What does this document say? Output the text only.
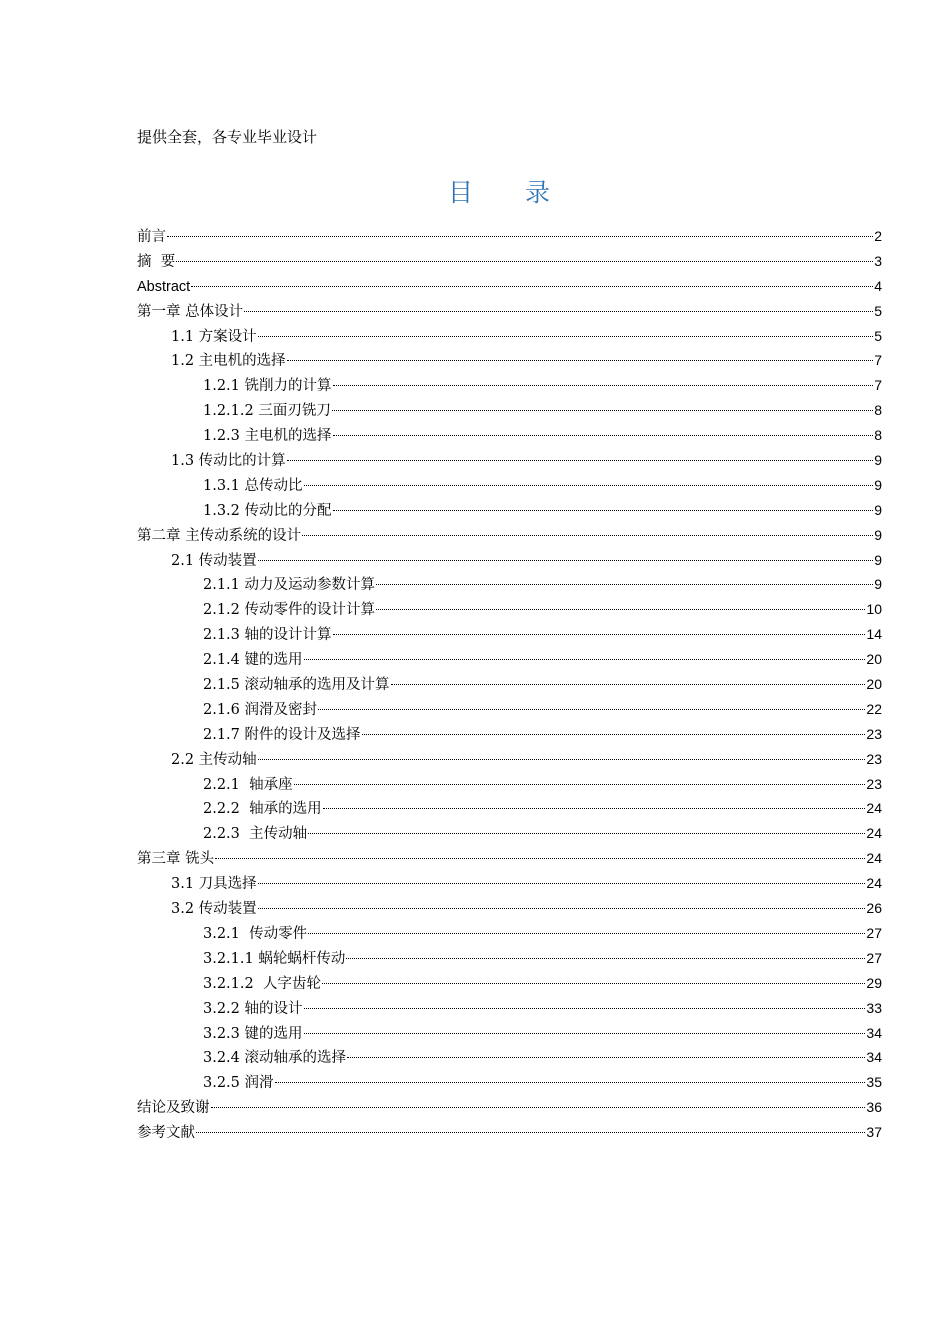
提供全套，各专业毕业设计
目 录
前言	2
摘  要	3
Abstract	4
第一章 总体设计	5
1.1 方案设计	5
1.2 主电机的选择	7
1.2.1 铣削力的计算	7
1.2.1.2 三面刃铣刀	8
1.2.3 主电机的选择	8
1.3 传动比的计算	9
1.3.1 总传动比	9
1.3.2 传动比的分配	9
第二章 主传动系统的设计	9
2.1 传动装置	9
2.1.1 动力及运动参数计算	9
2.1.2 传动零件的设计计算	10
2.1.3 轴的设计计算	14
2.1.4 键的选用	20
2.1.5 滚动轴承的选用及计算	20
2.1.6 润滑及密封	22
2.1.7 附件的设计及选择	23
2.2 主传动轴	23
2.2.1  轴承座	23
2.2.2  轴承的选用	24
2.2.3  主传动轴	24
第三章 铣头	24
3.1 刀具选择	24
3.2 传动装置	26
3.2.1  传动零件	27
3.2.1.1 蜗轮蜗杆传动	27
3.2.1.2  人字齿轮	29
3.2.2 轴的设计	33
3.2.3 键的选用	34
3.2.4 滚动轴承的选择	34
3.2.5 润滑	35
结论及致谢	36
参考文献	37
